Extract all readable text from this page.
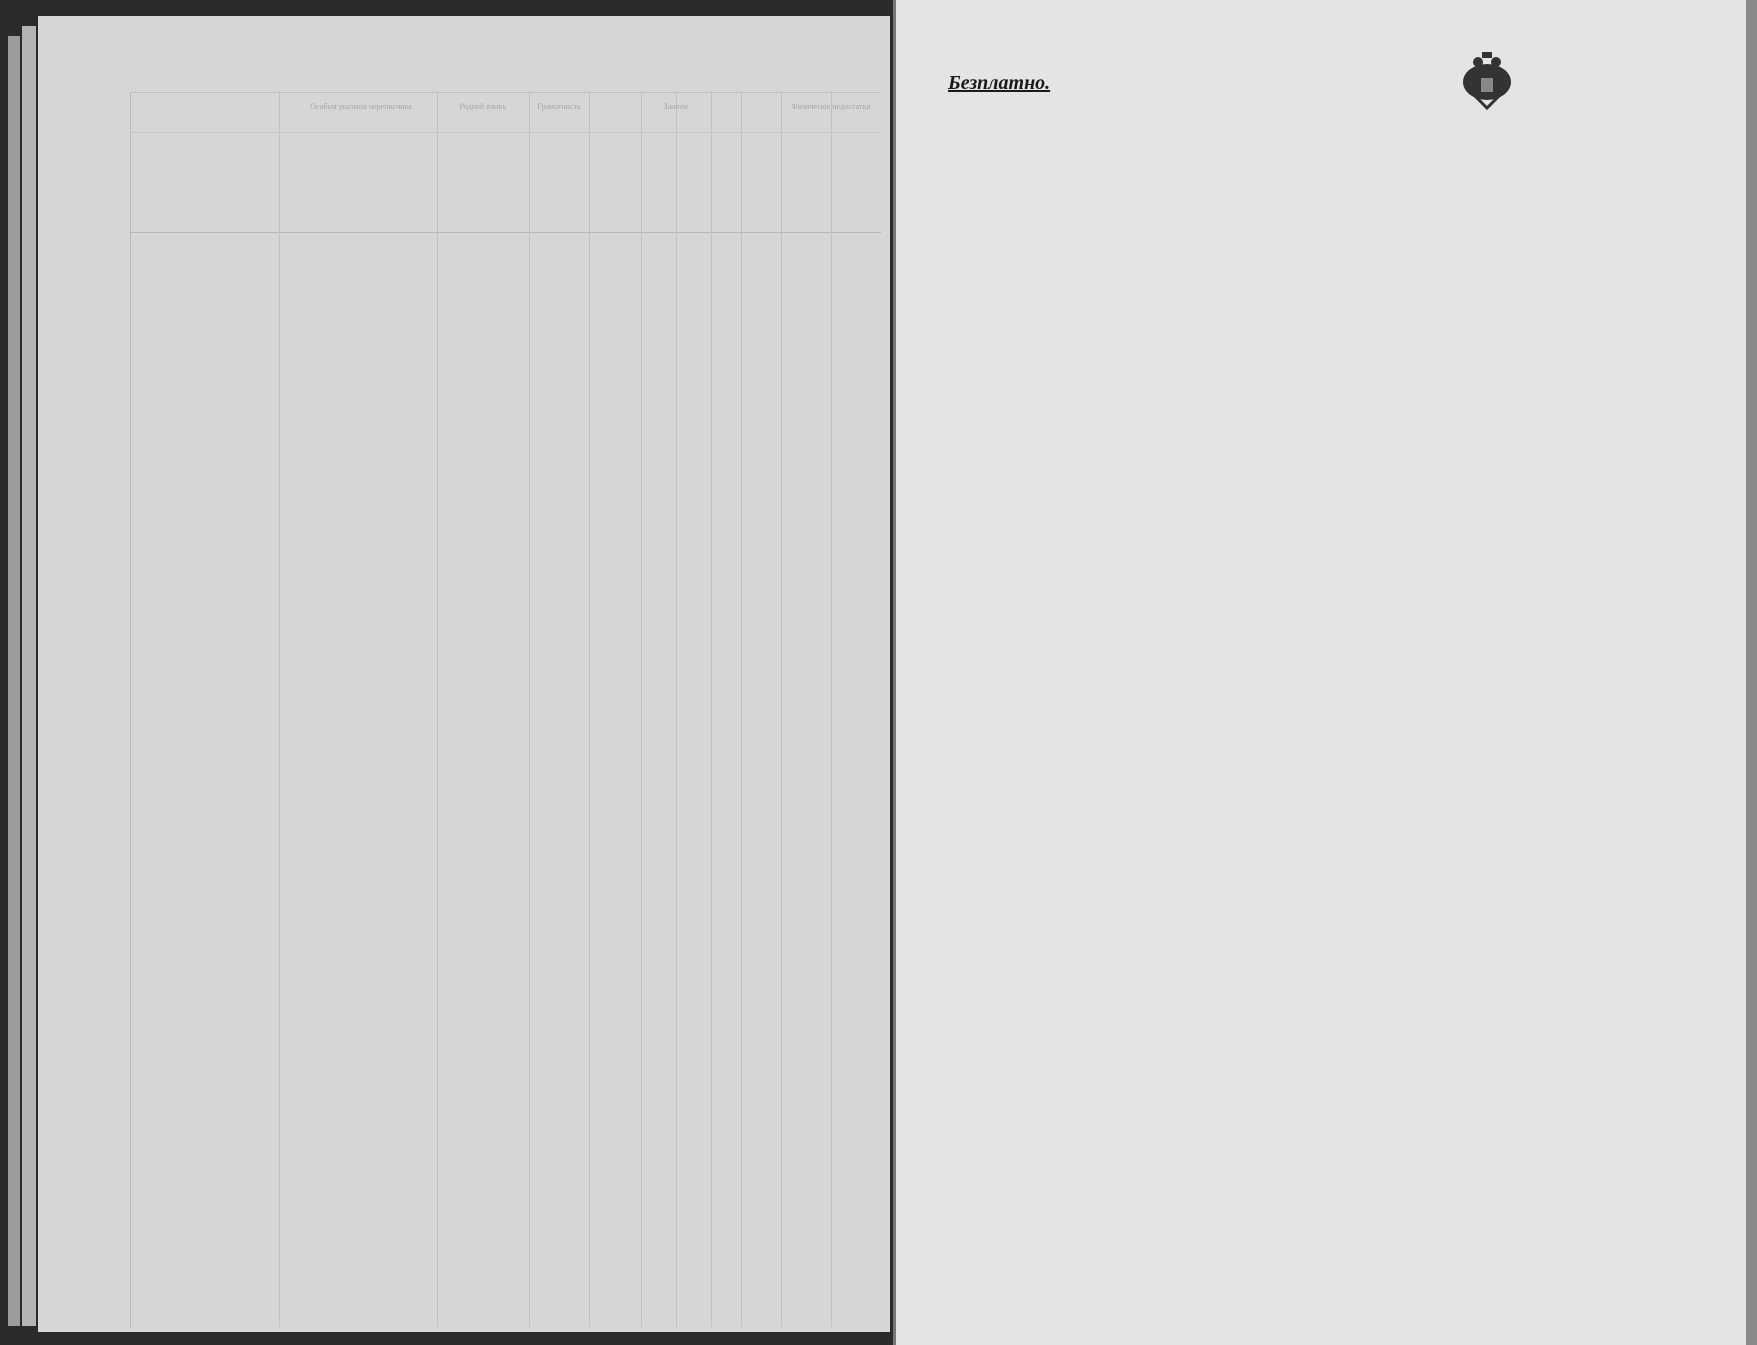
Особыя указанія переписчика	Родной языкъ	Грамотность	Занятіе	Физическіе недостатки
Безплатно.
